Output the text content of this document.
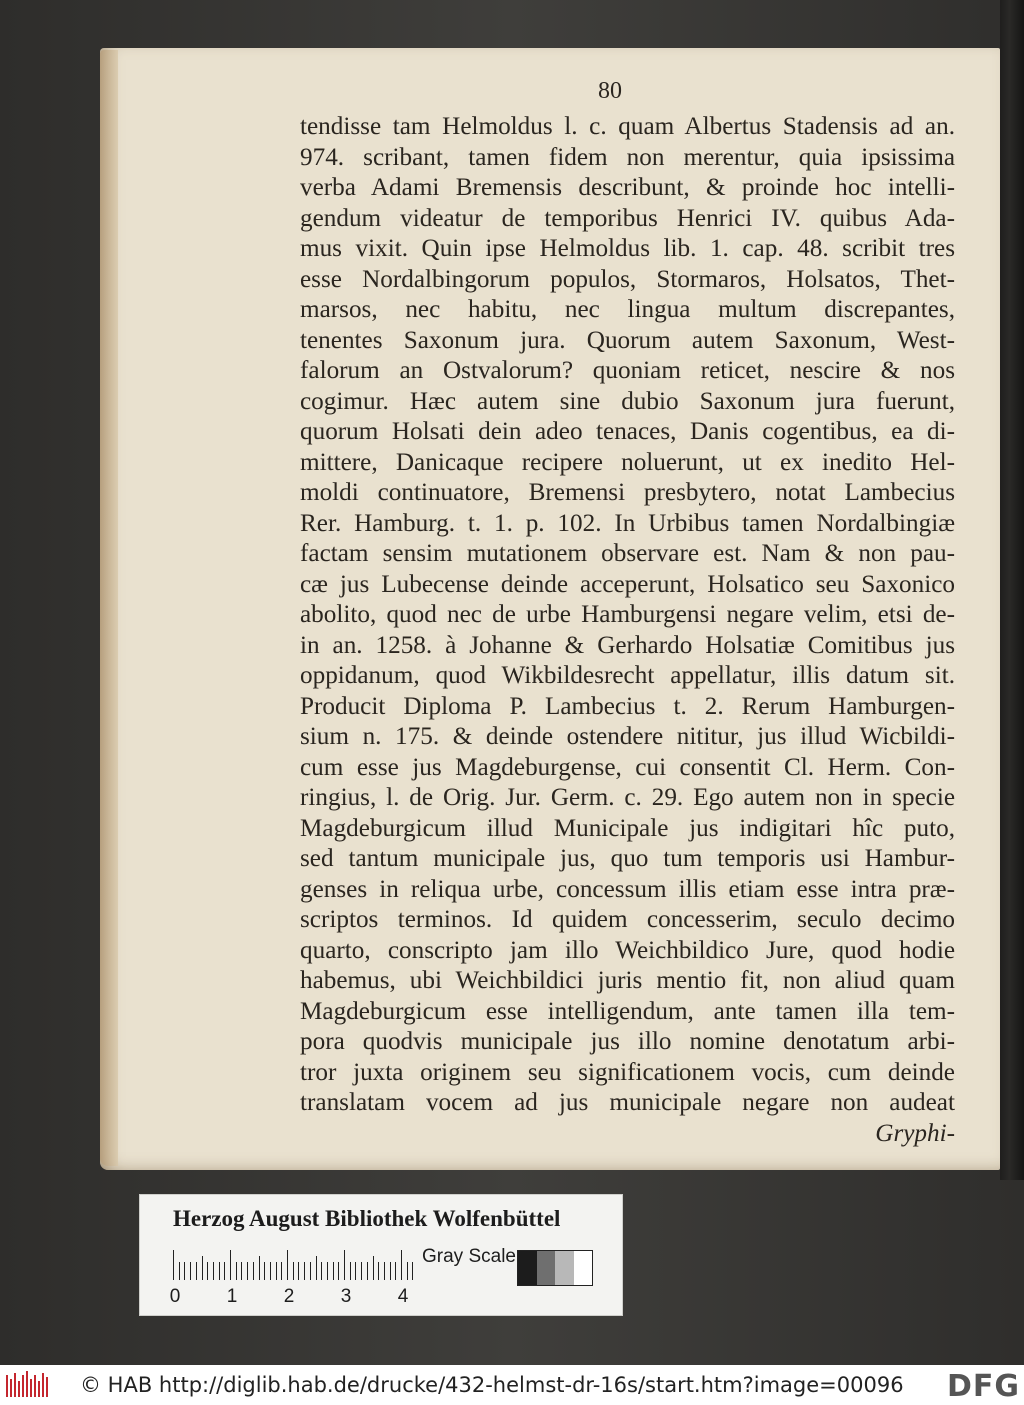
80
tendisse tam Helmoldus l. c. quam Albertus Stadensis ad an.
974. scribant, tamen fidem non merentur, quia ipsissima
verba Adami Bremensis describunt, & proinde hoc intelli-
gendum videatur de temporibus Henrici IV. quibus Ada-
mus vixit. Quin ipse Helmoldus lib. 1. cap. 48. scribit tres
esse Nordalbingorum populos, Stormaros, Holsatos, Thet-
marsos, nec habitu, nec lingua multum discrepantes,
tenentes Saxonum jura. Quorum autem Saxonum, West-
falorum an Ostvalorum? quoniam reticet, nescire & nos
cogimur. Hæc autem sine dubio Saxonum jura fuerunt,
quorum Holsati dein adeo tenaces, Danis cogentibus, ea di-
mittere, Danicaque recipere noluerunt, ut ex inedito Hel-
moldi continuatore, Bremensi presbytero, notat Lambecius
Rer. Hamburg. t. 1. p. 102. In Urbibus tamen Nordalbingiæ
factam sensim mutationem observare est. Nam & non pau-
cæ jus Lubecense deinde acceperunt, Holsatico seu Saxonico
abolito, quod nec de urbe Hamburgensi negare velim, etsi de-
in an. 1258. à Johanne & Gerhardo Holsatiæ Comitibus jus
oppidanum, quod Wikbildesrecht appellatur, illis datum sit.
Producit Diploma P. Lambecius t. 2. Rerum Hamburgen-
sium n. 175. & deinde ostendere nititur, jus illud Wicbildi-
cum esse jus Magdeburgense, cui consentit Cl. Herm. Con-
ringius, l. de Orig. Jur. Germ. c. 29. Ego autem non in specie
Magdeburgicum illud Municipale jus indigitari hîc puto,
sed tantum municipale jus, quo tum temporis usi Hambur-
genses in reliqua urbe, concessum illis etiam esse intra præ-
scriptos terminos. Id quidem concesserim, seculo decimo
quarto, conscripto jam illo Weichbildico Jure, quod hodie
habemus, ubi Weichbildici juris mentio fit, non aliud quam
Magdeburgicum esse intelligendum, ante tamen illa tem-
pora quodvis municipale jus illo nomine denotatum arbi-
tror juxta originem seu significationem vocis, cum deinde
translatam vocem ad jus municipale negare non audeat
Gryphi-
Herzog August Bibliothek Wolfenbüttel
0 1 2 3 4
Gray Scale
© HAB http://diglib.hab.de/drucke/432-helmst-dr-16s/start.htm?image=00096 DFG
